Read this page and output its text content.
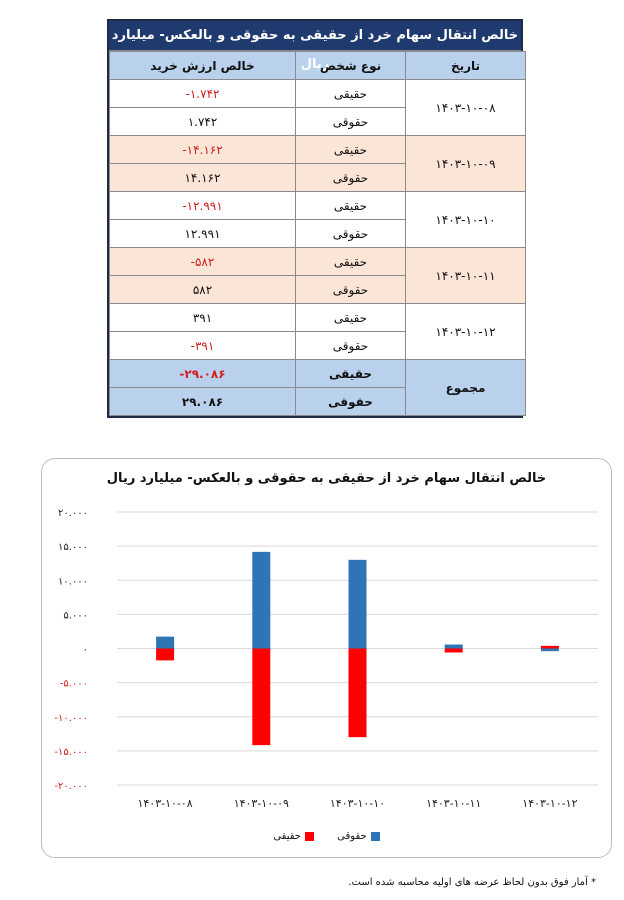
خالص انتقال سهام خرد از حقیقی به حقوقی و بالعکس- میلیارد ریال	تاریخ	نوع شخص	خالص ارزش خرید
۱۴۰۳-۱۰-۰۸	حقیقی	-۱.۷۴۲
	حقوقی	۱.۷۴۲
۱۴۰۳-۱۰-۰۹	حقیقی	-۱۴.۱۶۲
	حقوقی	۱۴.۱۶۲
۱۴۰۳-۱۰-۱۰	حقیقی	-۱۲.۹۹۱
	حقوقی	۱۲.۹۹۱
۱۴۰۳-۱۰-۱۱	حقیقی	-۵۸۲
	حقوقی	۵۸۲
۱۴۰۳-۱۰-۱۲	حقیقی	۳۹۱
	حقوقی	-۳۹۱
مجموع	حقیقی	-۲۹.۰۸۶
	حقوقی	۲۹.۰۸۶
۲۰.۰۰۰
۱۵.۰۰۰
۱۰.۰۰۰
۵.۰۰۰
۰
-۵.۰۰۰
-۱۰.۰۰۰
-۱۵.۰۰۰
-۲۰.۰۰۰
۱۴۰۳-۱۰-۰۸	۱۴۰۳-۱۰-۰۹	۱۴۰۳-۱۰-۱۰	۱۴۰۳-۱۰-۱۱	۱۴۰۳-۱۰-۱۲
خالص انتقال سهام خرد از حقیقی به حقوقی و بالعکس- میلیارد ریال
حقوقی

حقیقی
* آمار فوق بدون لحاظ عرضه های اولیه محاسبه شده است.
